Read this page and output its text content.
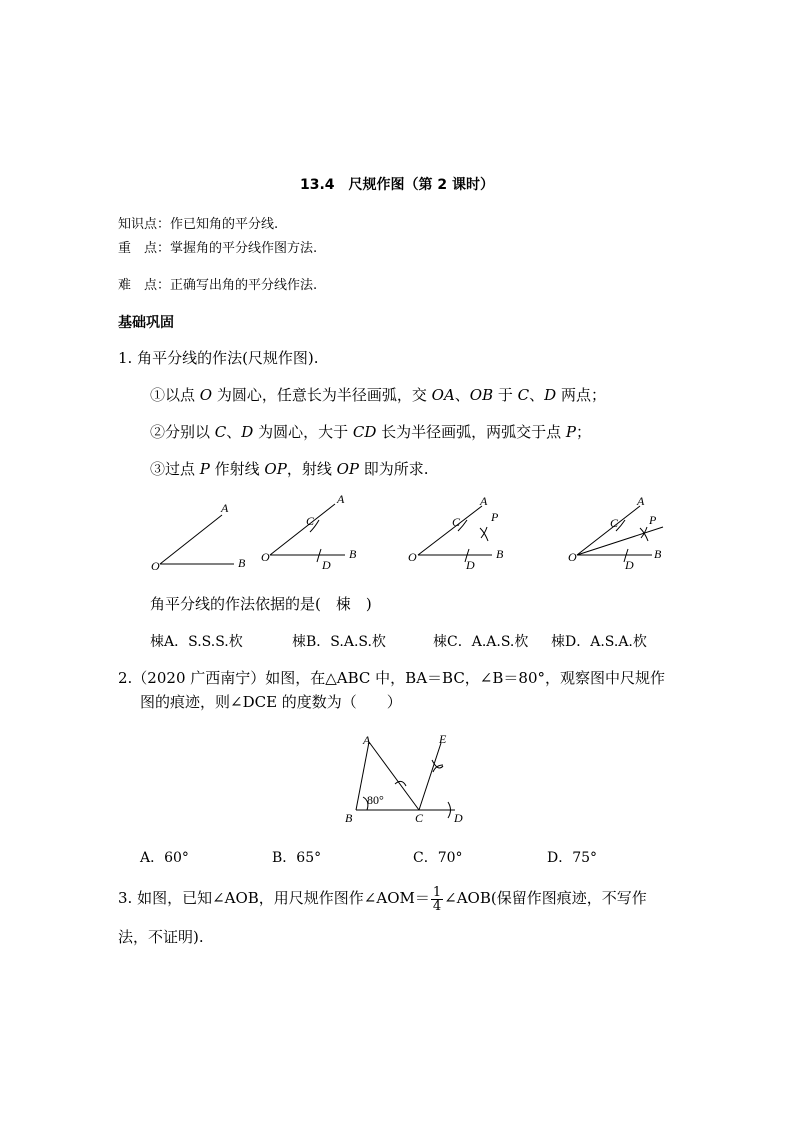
13.4　尺规作图（第 2 课时）
知识点：作已知角的平分线.
重　点：掌握角的平分线作图方法.
难　点：正确写出角的平分线作法.
基础巩固
1. 角平分线的作法(尺规作图).
①以点 O 为圆心，任意长为半径画弧，交 OA、OB 于 C、D 两点；
②分别以 C、D 为圆心，大于 CD 长为半径画弧，两弧交于点 P；
③过点 P 作射线 OP，射线 OP 即为所求.
A
B
O
A
B
O
C
D
A
B
O
C
D
P
A
B
O
C
D
P
角平分线的作法依据的是(　梀　)
梀A．S.S.S.杴	梀B．S.A.S.杴	梀C．A.A.S.杴 梀D．A.S.A.杴
2.（2020 广西南宁）如图，在△ABC 中，BA＝BC，∠B＝80°，观察图中尺规作
图的痕迹，则∠DCE 的度数为（　　）
A
B	C	D
E
80°
A．60°	B．65°	C．70°	D．75°
3. 如图，已知∠AOB，用尺规作图作∠AOM＝ $\frac{1}{4}$ ∠AOB(保留作图痕迹，不写作
法，不证明).
